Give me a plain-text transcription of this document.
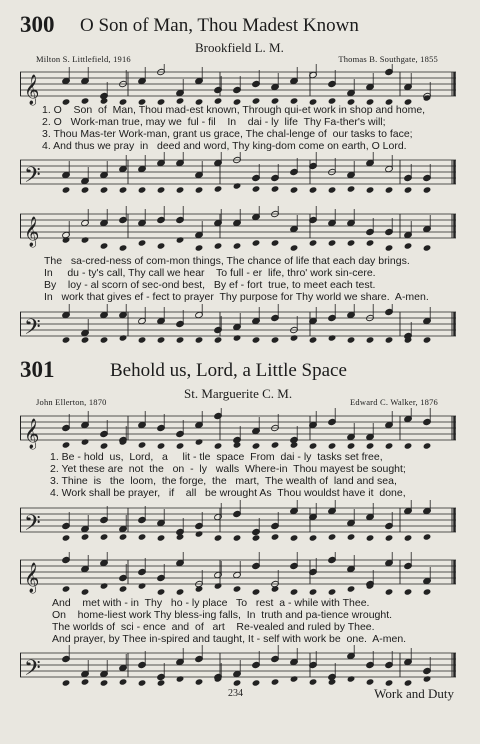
300 O Son of Man, Thou Madest Known
Brookfield L. M.
Milton S. Littlefield, 1916	Thomas B. Southgate, 1855
𝄞
1. O    Son  of  Man, Thou mad-est known, Through qui-et work in shop and home,
2. O   Work-man true, may we  ful - fil    In    dai - ly  life  Thy Fa-ther's will;
3. Thou Mas-ter Work-man, grant us grace, The chal-lenge of  our tasks to face;
4. And thus we pray  in   deed and word, Thy king-dom come on earth, O Lord.
𝄢
𝄞
The   sa-cred-ness of com-mon things, The chance of life that each day brings.
In     du - ty's call, Thy call we hear    To full - er  life, thro' work sin-cere.
By    loy - al scorn of sec-ond best,   By ef - fort  true, to meet each test.
In   work that gives ef - fect to prayer  Thy purpose for Thy world we share.  A-men.
𝄢
301	Behold us, Lord, a Little Space
St. Marguerite C. M.
John Ellerton, 1870	Edward C. Walker, 1876
𝄞
1. Be - hold  us,  Lord,   a     lit - tle  space  From  dai - ly  tasks set free,
2. Yet these are  not  the   on  -  ly   walls  Where-in  Thou mayest be sought;
3. Thine  is   the  loom,  the forge,  the   mart,  The wealth of  land and sea,
4. Work shall be prayer,   if    all   be wrought As  Thou wouldst have it  done,
𝄢
𝄞
And    met with - in  Thy   ho - ly place   To   rest  a - while with Thee.
On    home-liest work Thy bless-ing falls,  In  truth and pa-tience wrought.
The worlds of  sci - ence  and  of   art    Re-vealed and ruled by Thee.
And prayer, by Thee in-spired and taught, It - self with work be  one.  A-men.
𝄢
234	Work and Duty
